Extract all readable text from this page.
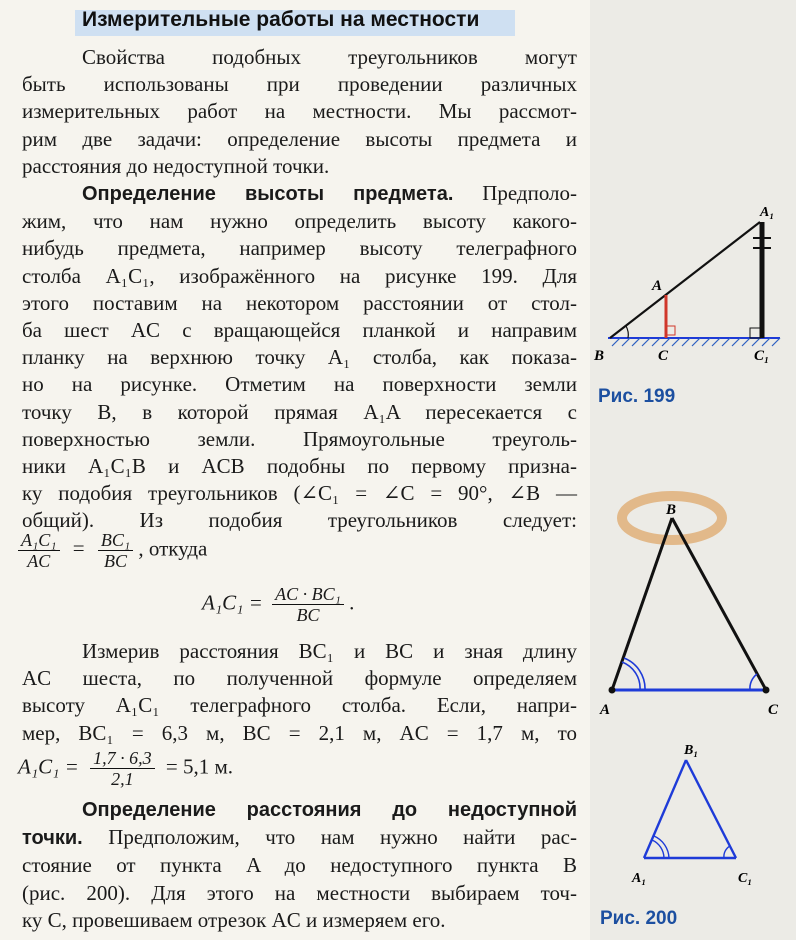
Измерительные работы на местности
Свойства подобных треугольников могут
быть использованы при проведении различных
измерительных работ на местности. Мы рассмот-
рим две задачи: определение высоты предмета и
расстояния до недоступной точки.
Определение высоты предмета. Предполо-
жим, что нам нужно определить высоту какого-
нибудь предмета, например высоту телеграфного
столба A₁C₁, изображённого на рисунке 199. Для
этого поставим на некотором расстоянии от стол-
ба шест AC с вращающейся планкой и направим
планку на верхнюю точку A₁ столба, как показа-
но на рисунке. Отметим на поверхности земли
точку B, в которой прямая A₁A пересекается с
поверхностью земли. Прямоугольные треуголь-
ники A₁C₁B и ACB подобны по первому призна-
ку подобия треугольников (∠C₁ = ∠C = 90°, ∠B —
общий). Из подобия треугольников следует:
$\frac{\text{A₁C₁}}{AC} = \frac{\text{BC₁}}{BC}$ , откуда
$A_1C_1 = \frac{\text{AC · BC₁}}{BC}$ .
Измерив расстояния BC₁ и BC и зная длину
AC шеста, по полученной формуле определяем
высоту A₁C₁ телеграфного столба. Если, напри-
мер, BC₁ = 6,3 м, BC = 2,1 м, AC = 1,7 м, то
$A_1C_1 = \frac{1,7 \cdot 6,3}{2,1} = 5,1$ м.
Определение расстояния до недоступной
точки. Предположим, что нам нужно найти рас-
стояние от пункта A до недоступного пункта B
(рис. 200). Для этого на местности выбираем точ-
ку C, провешиваем отрезок AC и измеряем его.
A₁
A
B	C	C₁
Рис. 199
B
A	C
B₁
A₁	C₁
Рис. 200
